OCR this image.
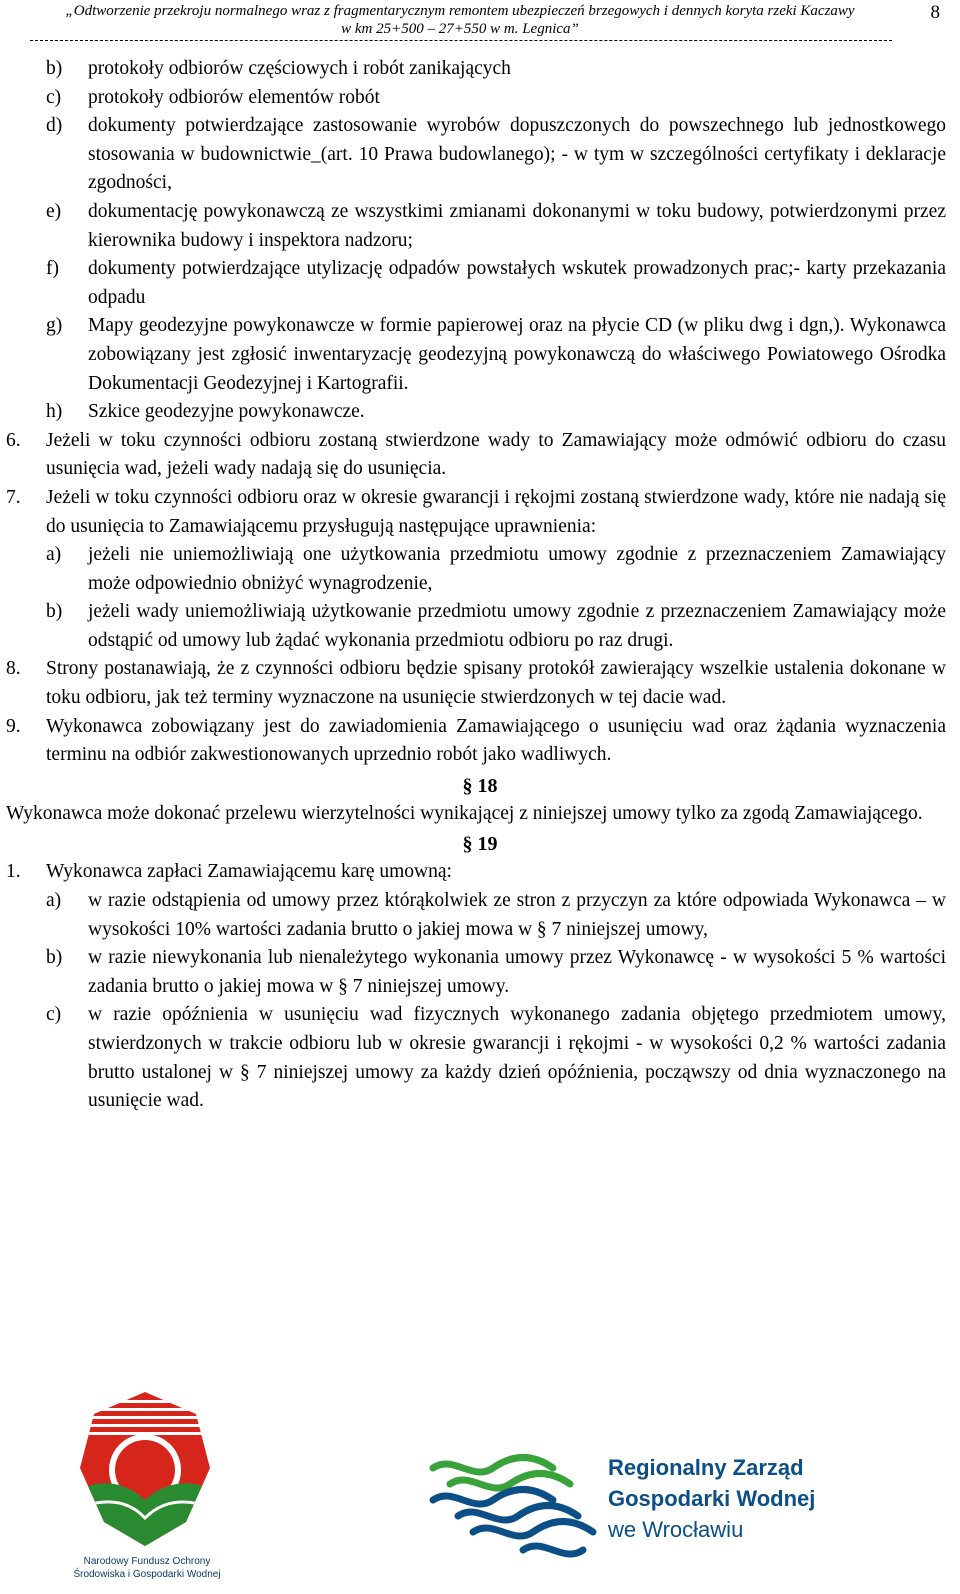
„Odtworzenie przekroju normalnego wraz z fragmentarycznym remontem ubezpieczeń brzegowych i dennych koryta rzeki Kaczawy
w km 25+500 – 27+550 w m. Legnica”
8
b) protokoły odbiorów częściowych i robót zanikających
c) protokoły odbiorów elementów robót
d) dokumenty potwierdzające zastosowanie wyrobów dopuszczonych do powszechnego lub jednostkowego stosowania w budownictwie_(art. 10 Prawa budowlanego); - w tym w szczególności certyfikaty i deklaracje zgodności,
e) dokumentację powykonawczą ze wszystkimi zmianami dokonanymi w toku budowy, potwierdzonymi przez kierownika budowy i inspektora nadzoru;
f) dokumenty potwierdzające utylizację odpadów powstałych wskutek prowadzonych prac;- karty przekazania odpadu
g) Mapy geodezyjne powykonawcze w formie papierowej oraz na płycie CD (w pliku dwg i dgn,). Wykonawca zobowiązany jest zgłosić inwentaryzację geodezyjną powykonawczą do właściwego Powiatowego Ośrodka Dokumentacji Geodezyjnej i Kartografii.
h) Szkice geodezyjne powykonawcze.
6. Jeżeli w toku czynności odbioru zostaną stwierdzone wady to Zamawiający może odmówić odbioru do czasu usunięcia wad, jeżeli wady nadają się do usunięcia.
7. Jeżeli w toku czynności odbioru oraz w okresie gwarancji i rękojmi zostaną stwierdzone wady, które nie nadają się do usunięcia to Zamawiającemu przysługują następujące uprawnienia:
a) jeżeli nie uniemożliwiają one użytkowania przedmiotu umowy zgodnie z przeznaczeniem Zamawiający może odpowiednio obniżyć wynagrodzenie,
b) jeżeli wady uniemożliwiają użytkowanie przedmiotu umowy zgodnie z przeznaczeniem Zamawiający może odstąpić od umowy lub żądać wykonania przedmiotu odbioru po raz drugi.
8. Strony postanawiają, że z czynności odbioru będzie spisany protokół zawierający wszelkie ustalenia dokonane w toku odbioru, jak też terminy wyznaczone na usunięcie stwierdzonych w tej dacie wad.
9. Wykonawca zobowiązany jest do zawiadomienia Zamawiającego o usunięciu wad oraz żądania wyznaczenia terminu na odbiór zakwestionowanych uprzednio robót jako wadliwych.
§ 18
Wykonawca może dokonać przelewu wierzytelności wynikającej z niniejszej umowy tylko za zgodą Zamawiającego.
§ 19
1. Wykonawca zapłaci Zamawiającemu karę umowną:
a) w razie odstąpienia od umowy przez którąkolwiek ze stron z przyczyn za które odpowiada Wykonawca – w wysokości 10% wartości zadania brutto o jakiej mowa w § 7 niniejszej umowy,
b) w razie niewykonania lub nienależytego wykonania umowy przez Wykonawcę - w wysokości 5 % wartości zadania brutto o jakiej mowa w § 7 niniejszej umowy.
c) w razie opóźnienia w usunięciu wad fizycznych wykonanego zadania objętego przedmiotem umowy, stwierdzonych w trakcie odbioru lub w okresie gwarancji i rękojmi - w wysokości 0,2 % wartości zadania brutto ustalonej w § 7 niniejszej umowy za każdy dzień opóźnienia, począwszy od dnia wyznaczonego na usunięcie wad.
Narodowy Fundusz Ochrony
Środowiska i Gospodarki Wodnej
Regionalny Zarząd
Gospodarki Wodnej
we Wrocławiu
